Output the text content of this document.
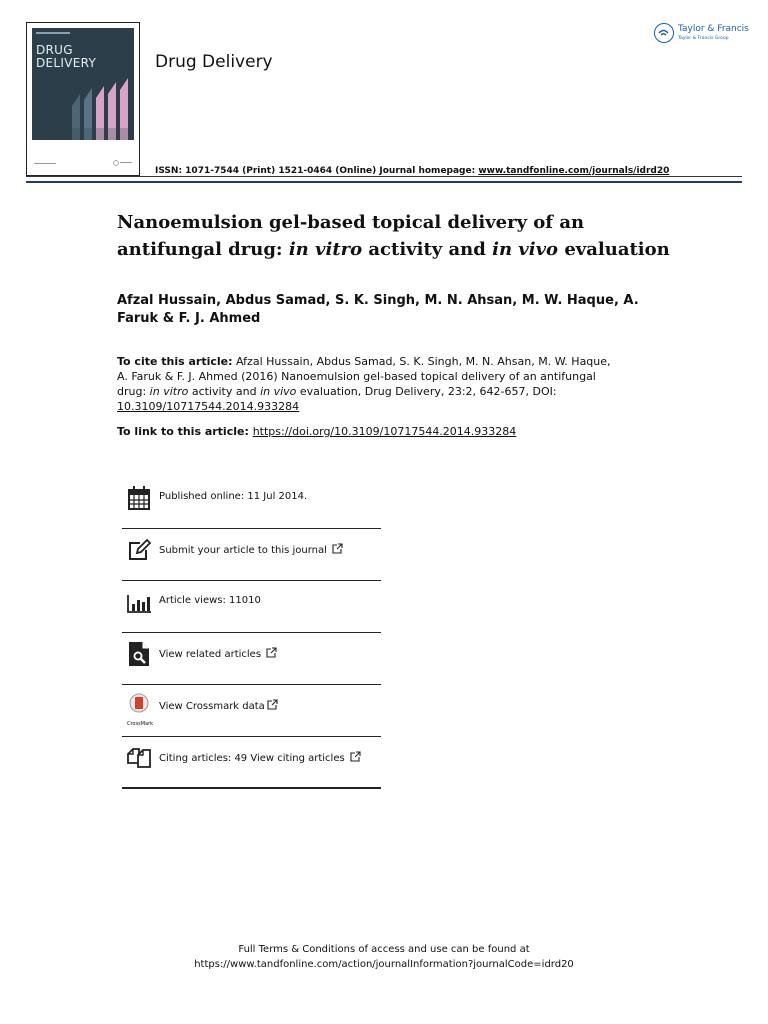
DRUG
DELIVERY	Drug Delivery
Taylor & Francis
Taylor & Francis Group
ISSN: 1071-7544 (Print) 1521-0464 (Online) Journal homepage: www.tandfonline.com/journals/idrd20
Nanoemulsion gel-based topical delivery of an antifungal drug: in vitro activity and in vivo evaluation
Afzal Hussain, Abdus Samad, S. K. Singh, M. N. Ahsan, M. W. Haque, A. Faruk & F. J. Ahmed
To cite this article: Afzal Hussain, Abdus Samad, S. K. Singh, M. N. Ahsan, M. W. Haque, A. Faruk & F. J. Ahmed (2016) Nanoemulsion gel-based topical delivery of an antifungal drug: in vitro activity and in vivo evaluation, Drug Delivery, 23:2, 642-657, DOI: 10.3109/10717544.2014.933284
To link to this article: https://doi.org/10.3109/10717544.2014.933284
Published online: 11 Jul 2014.
Submit your article to this journal
Article views: 11010
View related articles
CrossMark
View Crossmark data
Citing articles: 49 View citing articles
Full Terms & Conditions of access and use can be found at
https://www.tandfonline.com/action/journalInformation?journalCode=idrd20
